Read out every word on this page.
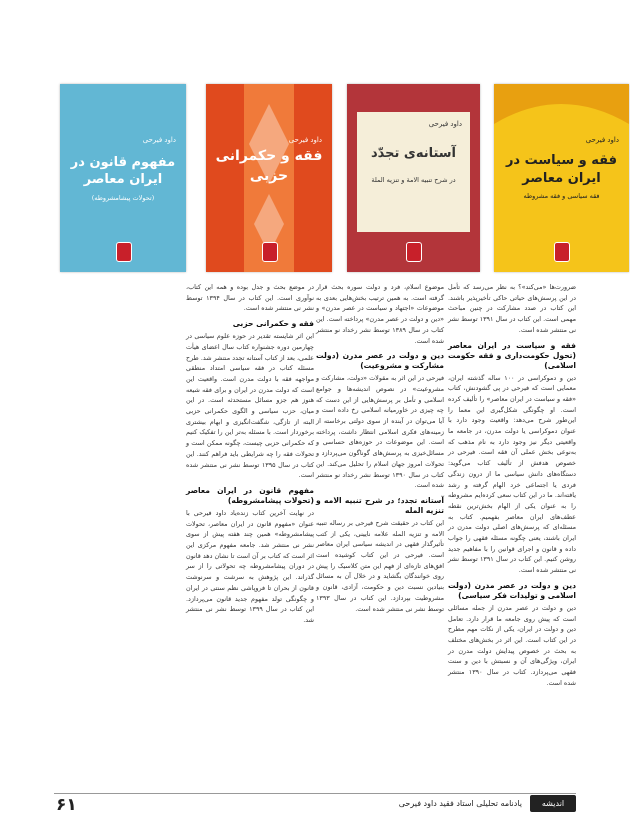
داود فیرحی
مفهوم قانون در ایران معاصر
(تحولات پیشامشروطه)
داود فیرحی
فقه و حکمرانی حزبی
داود فیرحی
آستانه‌ی تجدّد
در شرح تنبیه الامة و تنزیه الملة
داود فیرحی
فقه و سیاست در ایران معاصر
فقه سیاسی و فقه مشروطه

ضرورت‌ها «می‌کند»؟ به نظر می‌رسد که تأمل در این پرسش‌های حیاتی حاکی تأخیرپذیر باشند. این کتاب در صدد مشارکت در چنین مباحث مهمی است. این کتاب در سال ۱۳۹۱ توسط نشر نی منتشر شده است.

فقه و سیاست در ایران معاصر (تحول حکومت‌داری و فقه حکومت اسلامی)

دین و دموکراسی در ۱۰۰ ساله گذشته ایران، معمایی است که فیرحی در پی گشودنش، کتاب «فقه و سیاست در ایران معاصر» را تألیف کرده است. او چگونگی شکل‌گیری این معما را این‌طور شرح می‌دهد: واقعیت وجود دارد با عنوان دموکراسی یا دولت مدرن، در جامعه ما واقعیتی دیگر نیز وجود دارد به نام مذهب که به‌نوعی بخش عملی آن فقه است. فیرحی در خصوص هدفش از تألیف کتاب می‌گوید: دستگاه‌های دانش سیاسی ما از درون زندگی فردی یا اجتماعی خرد الهام گرفته و رشد یافته‌اند. ما در این کتاب سعی کرده‌ایم مشروطه را به عنوان یکی از الهام بخش‌ترین نقطه عطف‌های ایران معاصر بفهمیم. کتاب به مسئله‌ای که پرسش‌های اصلی دولت مدرن در ایران باشند، یعنی چگونه مسئله فقهی را جواب داده و قانون و اجرای قوانین را با مفاهیم جدید روشن کنیم. این کتاب در سال ۱۳۹۱ توسط نشر نی منتشر شده است.

دین و دولت در عصر مدرن (دولت اسلامی و تولیدات فکر سیاسی)

دین و دولت در عصر مدرن از جمله مسائلی است که پیش روی جامعه ما قرار دارد. تعامل دین و دولت در ایران، یکی از نکات مهم مطرح در این کتاب است. این اثر در بخش‌های مختلف به بحث در خصوص پیدایش دولت مدرن در ایران، ویژگی‌های آن و نسبتش با دین و سنت فقهی می‌پردازد. کتاب در سال ۱۳۹۰ منتشر شده است.

موضوع اسلام، فرد و دولت سوره بحث قرار گرفته است. به همین ترتیب بخش‌هایی بعدی به موضوعات «اجتهاد و سیاست در عصر مدرن» و «دین و دولت در عصر مدرن» پرداخته است. این کتاب در سال ۱۳۸۹ توسط نشر رخداد نو منتشر شده است.

دین و دولت در عصر مدرن (دولت مشارکت و مشروعیت)

فیرحی در این اثر به مقولات «دولت، مشارکت و مشروعیت» در نصوص اندیشه‌ها و جوامع اسلامی و تأمل بر پرسش‌هایی از این دست که چه چیزی در خاورمیانه اسلامی رخ داده است و آیا می‌توان در آینده از سوی دولتی برخاسته از زمینه‌های فکری اسلامی انتظار داشت، پرداخته است. این موضوعات در حوزه‌های حساسی و مسائل‌خیزی به پرسش‌های گوناگون می‌پردازد و تحولات امروز جهان اسلام را تحلیل می‌کند. این کتاب در سال ۱۳۹۰ توسط نشر رخداد نو منتشر شده است.

آستانه تجدد؛ در شرح تنبیه الامه و تنزیه المله

این کتاب در حقیقت شرح فیرحی بر رساله تنبیه الامه و تنزیه المله علامه نایینی، یکی از کتب تأثیرگذار فقهی در اندیشه سیاسی ایران معاصر است. فیرحی در این کتاب کوشیده است افق‌های تازه‌ای از فهم این متن کلاسیک را پیش روی خوانندگان بگشاید و در خلال آن به مسائل بنیادین نسبت دین و حکومت، آزادی، قانون و مشروطیت بپردازد. این کتاب در سال ۱۳۹۳ توسط نشر نی منتشر شده است.

در موضع بحث و جدل بوده و همه این کتاب، نوآوری است. این کتاب در سال ۱۳۹۴ توسط نشر نی منتشر شده است.

فقه و حکمرانی حزبی

این اثر شایسته تقدیر در حوزه علوم سیاسی در چهارمین دوره جشنواره کتاب سال اعضای هیأت علمی، بعد از کتاب آستانه تجدد منتشر شد. طرح مسئله کتاب در فقه سیاسی امتداد منطقی مواجهه فقه با دولت مدرن است. واقعیت این است که دولت مدرن در ایران و برای فقه شیعه هنوز هم جزو مسائل مستحدثه است. در این میان، حزب سیاسی و الگوی حکمرانی حزبی البته از تازگی، شگفت‌انگیزی و ابهام بیشتری برخوردار است. با مسئله به‌تر این را تفکیک کنیم که حکمرانی حزبی چیست، چگونه ممکن است و تحولات فقه را چه شرایطی باید فراهم کنند. این کتاب در سال ۱۳۹۵ توسط نشر نی منتشر شده است.

مفهوم قانون در ایران معاصر (تحولات پیشامشروطه)

در نهایت آخرین کتاب زنده‌یاد داود فیرحی با عنوان «مفهوم قانون در ایران معاصر، تحولات پیشامشروطه» همین چند هفته پیش از سوی نشر نی منتشر شد. جامعه مفهوم مرکزی این اثر است که کتاب بر آن است تا نشان دهد قانون در دوران پیشامشروطه چه تحولاتی را از سر گذراند. این پژوهش به سرشت و سرنوشت قانون از بحران تا فروپاشی نظم سنتی در ایران و چگونگی تولد مفهوم جدید قانون می‌پردازد. این کتاب در سال ۱۳۹۹ توسط نشر نی منتشر شد.

۶۱	یادنامه تحلیلی استاد فقید داود فیرحی	اندیشه
